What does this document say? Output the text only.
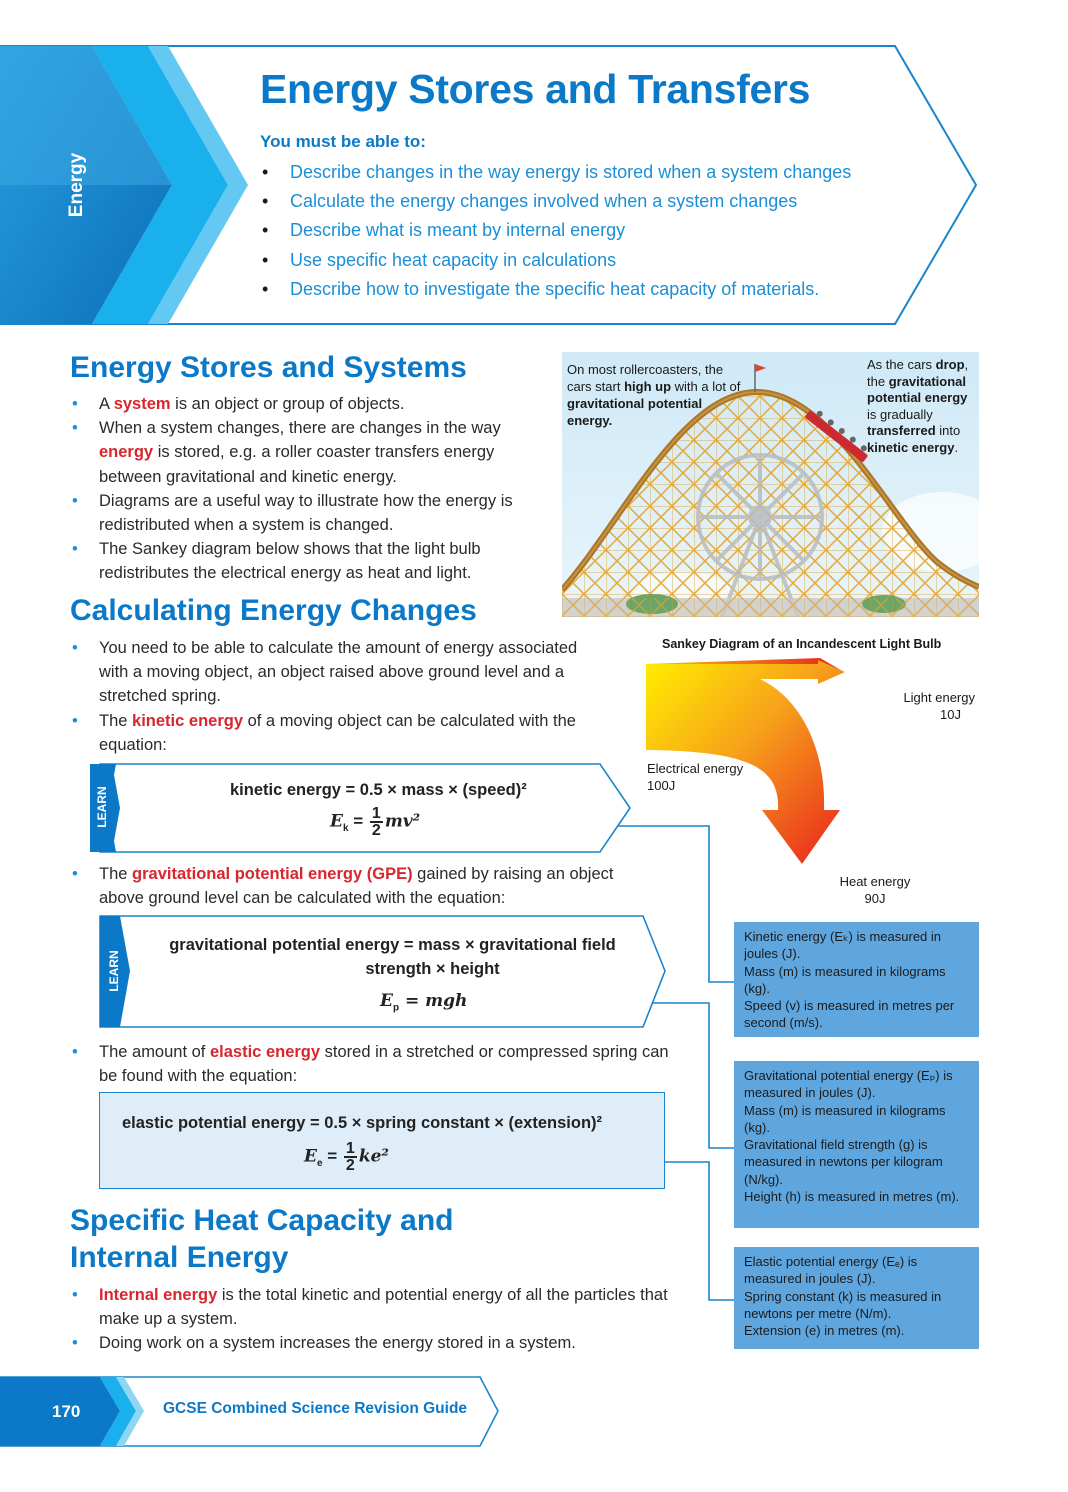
Energy
Energy Stores and Transfers
You must be able to:
• Describe changes in the way energy is stored when a system changes
• Calculate the energy changes involved when a system changes
• Describe what is meant by internal energy
• Use specific heat capacity in calculations
• Describe how to investigate the specific heat capacity of materials.
Energy Stores and Systems
• A system is an object or group of objects.
• When a system changes, there are changes in the way energy is stored, e.g. a roller coaster transfers energy between gravitational and kinetic energy.
• Diagrams are a useful way to illustrate how the energy is redistributed when a system is changed.
• The Sankey diagram below shows that the light bulb redistributes the electrical energy as heat and light.
On most rollercoasters, the cars start high up with a lot of gravitational potential energy.
As the cars drop, the gravitational potential energy is gradually transferred into kinetic energy.
Calculating Energy Changes
• You need to be able to calculate the amount of energy associated with a moving object, an object raised above ground level and a stretched spring.
• The kinetic energy of a moving object can be calculated with the equation:
Sankey Diagram of an Incandescent Light Bulb
Light energy
10J
Electrical energy
100J
Heat energy
90J
LEARN	kinetic energy = 0.5 × mass × (speed)²
$E_k = \frac{1}{2} mv^2$
• The gravitational potential energy (GPE) gained by raising an object above ground level can be calculated with the equation:
LEARN
gravitational potential energy = mass × gravitational field
strength × height
$E_p$ = mgh
• The amount of elastic energy stored in a stretched or compressed spring can be found with the equation:
elastic potential energy = 0.5 × spring constant × (extension)²
$E_e = \frac{1}{2} ke^2$

Kinetic energy (Eₖ) is measured in joules (J).

Mass (m) is measured in kilograms (kg).

Speed (v) is measured in metres per second (m/s).

Gravitational potential energy (Eₚ) is measured in joules (J).

Mass (m) is measured in kilograms (kg).

Gravitational field strength (g) is measured in newtons per kilogram (N/kg).

Height (h) is measured in metres (m).

Elastic potential energy (Eₑ) is measured in joules (J).

Spring constant (k) is measured in newtons per metre (N/m).

Extension (e) in metres (m).

Specific Heat Capacity and
Internal Energy
• Internal energy is the total kinetic and potential energy of all the particles that make up a system.
• Doing work on a system increases the energy stored in a system.
170	GCSE Combined Science Revision Guide
